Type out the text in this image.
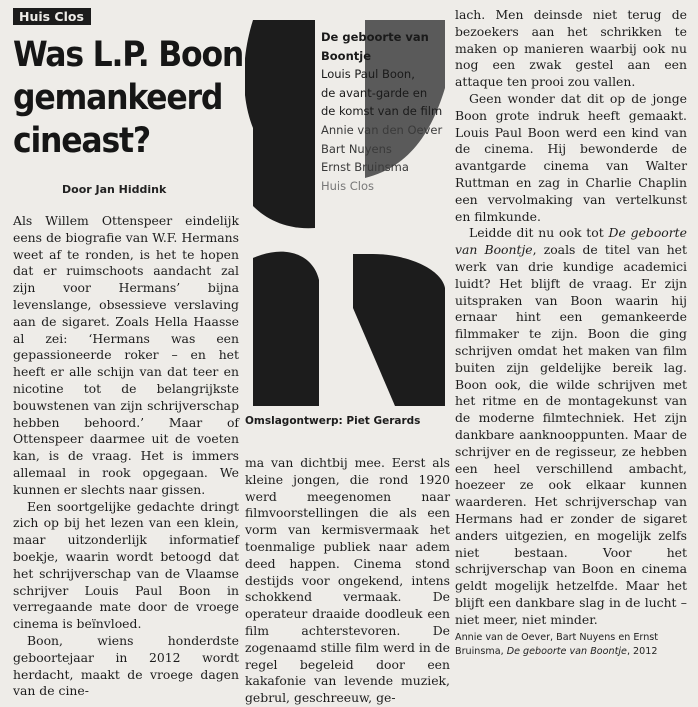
Huis Clos
Was L.P. Boon
gemankeerd
cineast?
Door Jan Hiddink

Als Willem Ottenspeer eindelijk eens de biografie van W.F. Hermans weet af te ronden, is het te hopen dat er ruimschoots aandacht zal zijn voor Hermans’ bijna levenslange, obsessieve verslaving aan de sigaret. Zoals Hella Haasse al zei: ‘Hermans was een gepassioneerde roker – en het heeft er alle schijn van dat teer en nicotine tot de belangrijkste bouwstenen van zijn schrijverschap hebben behoord.’ Maar of Ottenspeer daarmee uit de voeten kan, is de vraag. Het is immers allemaal in rook opgegaan. We kunnen er slechts naar gissen.

Een soortgelijke gedachte dringt zich op bij het lezen van een klein, maar uitzonderlijk informatief boekje, waarin wordt betoogd dat het schrijverschap van de Vlaamse schrijver Louis Paul Boon in verregaande mate door de vroege cinema is beïnvloed.

Boon, wiens honderdste geboortejaar in 2012 wordt herdacht, maakt de vroege dagen van de cine-

De geboorte van
Boontje
Louis Paul Boon,
de avant-garde en
de komst van de film
Annie van den Oever
Bart Nuyens
Ernst Bruinsma
Huis Clos
Omslagontwerp: Piet Gerards

ma van dichtbij mee. Eerst als kleine jongen, die rond 1920 werd meegenomen naar filmvoorstellingen die als een vorm van kermisvermaak het toenmalige publiek naar adem deed happen. Cinema stond destijds voor ongekend, intens schokkend vermaak. De operateur draaide doodleuk een film achterstevoren. De zogenaamd stille film werd in de regel begeleid door een kakafonie van levende muziek, gebrul, geschreeuw, ge-

lach. Men deinsde niet terug de bezoekers aan het schrikken te maken op manieren waarbij ook nu nog een zwak gestel aan een attaque ten prooi zou vallen.

Geen wonder dat dit op de jonge Boon grote indruk heeft gemaakt. Louis Paul Boon werd een kind van de cinema. Hij bewonderde de avantgarde cinema van Walter Ruttman en zag in Charlie Chaplin een vervolmaking van vertelkunst en filmkunde.

Leidde dit nu ook tot De geboorte van Boontje, zoals de titel van het werk van drie kundige academici luidt? Het blijft de vraag. Er zijn uitspraken van Boon waarin hij ernaar hint een gemankeerde filmmaker te zijn. Boon die ging schrijven omdat het maken van film buiten zijn geldelijke bereik lag. Boon ook, die wilde schrijven met het ritme en de montagekunst van de moderne filmtechniek. Het zijn dankbare aanknooppunten. Maar de schrijver en de regisseur, ze hebben een heel verschillend ambacht, hoezeer ze ook elkaar kunnen waarderen. Het schrijverschap van Hermans had er zonder de sigaret anders uitgezien, en mogelijk zelfs niet bestaan. Voor het schrijverschap van Boon en cinema geldt mogelijk hetzelfde. Maar het blijft een dankbare slag in de lucht – niet meer, niet minder.

Annie van de Oever, Bart Nuyens en Ernst Bruinsma, De geboorte van Boontje, 2012
